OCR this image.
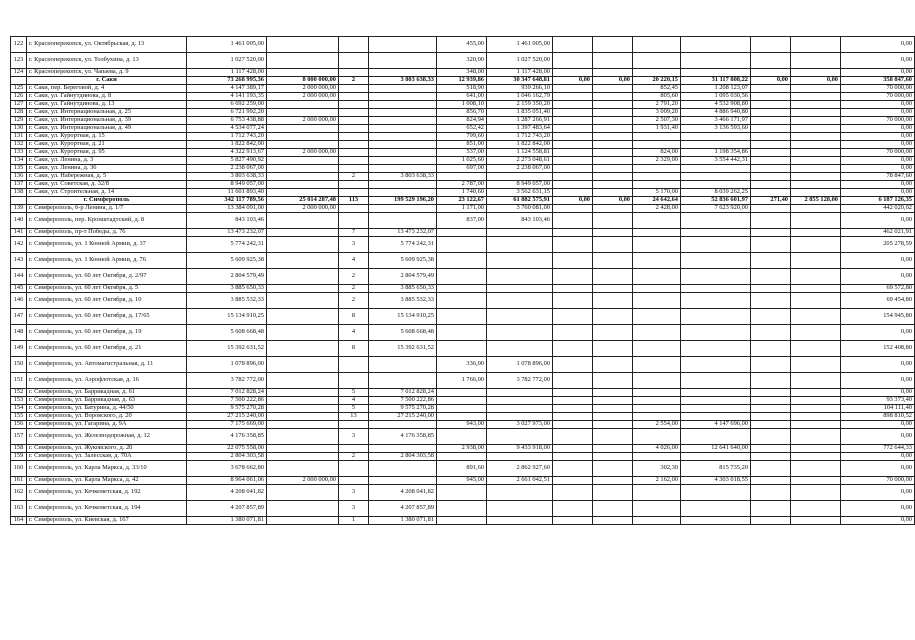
122	г. Красноперекопск, ул. Октябрьская, д. 13	1 461 005,00				455,00	1 461 005,00							0,00
123	г. Красноперекопск, ул. Толбухина, д. 13	1 027 520,00				320,00	1 027 520,00							0,00
124	г. Красноперекопск, ул. Чапаева, д. 9	1 117 428,00				348,00	1 117 428,00							0,00
	г. Саки	73 268 995,36	8 000 000,00	2	3 803 638,33	12 939,86	30 347 648,81	0,00	0,00	20 220,15	31 117 808,22	0,00	0,00	358 847,60
125	г. Саки, пер. Береговой, д. 4	4 147 389,17	2 000 000,00			518,90	939 266,10			852,45	1 208 123,07			70 000,00
126	г. Саки, ул. Гайнутдинова, д. 8	4 141 193,35	2 000 000,00			641,00	1 046 162,79			805,60	1 095 030,56			70 000,00
127	г. Саки, ул. Гайнутдинова, д. 13	6 692 259,00				1 008,10	2 159 350,20			2 791,20	4 532 908,80			0,00
128	г. Саки, ул. Интернациональная, д. 25	6 721 992,20				856,70	1 835 051,40			3 009,20	4 886 940,80			0,00
129	г. Саки, ул. Интернациональная, д. 39	6 753 438,88	2 000 000,00			824,94	1 287 266,91			2 507,30	3 466 171,97			70 000,00
130	г. Саки, ул. Интернациональная, д. 49	4 534 077,24				652,42	1 397 483,64			1 931,40	3 136 593,60			0,00
131	г. Саки, ул. Курортная, д. 15	1 712 743,20				799,60	1 712 743,20							0,00
132	г. Саки, ул. Курортная, д. 21	1 822 842,00				851,00	1 822 842,00							0,00
133	г. Саки, ул. Курортная, д. 95	4 322 913,67	2 000 000,00			537,00	1 124 558,81			824,00	1 198 354,86			70 000,00
134	г. Саки, ул. Ленина, д. 3	5 827 490,92				1 025,60	2 273 048,61			2 329,00	3 554 442,31			0,00
135	г. Саки, ул. Ленина, д. 36	2 238 067,00				697,00	2 238 067,00							0,00
136	г. Саки, ул. Набережная, д. 5	3 803 638,33		2	3 803 638,33									78 847,60
137	г. Саки, ул. Советская, д. 32/8	8 949 057,00				2 787,00	8 949 057,00							0,00
138	г. Саки, ул. Строительная, д. 14	11 601 893,40				1 740,60	3 562 631,15			5 170,00	8 039 262,25			0,00
	г. Симферополь	342 117 789,56	25 014 287,48	113	199 529 196,20	23 122,67	61 882 575,91	0,00	0,00	24 642,64	52 836 601,97	271,40	2 855 128,00	6 187 126,35
139	г. Симферополь, б-р Ленина, д. 1/7	13 384 091,00	2 000 000,00			1 171,00	3 760 081,00			2 428,00	7 623 920,00			442 020,02
140	г. Симферополь, пер. Кронштадтский, д. 8	843 103,46				837,00	843 103,46							0,00
141	г. Симферополь, пр-т Победы, д. 76	13 473 232,07		7	13 473 232,07									462 021,91
142	г. Симферополь, ул. 1 Конной Армии, д. 37	5 774 242,31		3	5 774 242,31									205 278,59
143	г. Симферополь, ул. 1 Конной Армии, д. 76	5 609 925,38		4	5 609 925,38									0,00
144	г. Симферополь, ул. 60 лет Октября, д. 2/97	2 804 579,49		2	2 804 579,49									0,00
145	г. Симферополь, ул. 60 лет Октября, д. 5	3 885 650,33		2	3 885 650,33									69 572,80
146	г. Симферополь, ул. 60 лет Октября, д. 10	3 885 532,33		2	3 885 532,33									69 454,80
147	г. Симферополь, ул. 60 лет Октября, д. 17/65	15 134 910,25		8	15 134 910,25									154 945,80
148	г. Симферополь, ул. 60 лет Октября, д. 19	5 608 668,48		4	5 608 668,48									0,00
149	г. Симферополь, ул. 60 лет Октября, д. 21	15 392 631,52		8	15 392 631,52									152 408,80
150	г. Симферополь, ул. Автомагистральная, д. 11	1 078 896,00				336,00	1 078 896,00							0,00
151	г. Симферополь, ул. Аэрофлотская, д. 16	3 782 772,00				1 766,00	3 782 772,00							0,00
152	г. Симферополь, ул. Баррикадная, д. 61	7 012 828,24		5	7 012 828,24									0,00
153	г. Симферополь, ул. Баррикадная, д. 63	7 500 222,86		4	7 500 222,86									93 373,40
154	г. Симферополь, ул. Батурина, д. 44/50	9 575 270,28		5	9 575 270,28									104 111,40
155	г. Симферополь, ул. Воровского, д. 20	27 215 240,00		13	27 215 240,00									898 810,52
156	г. Симферополь, ул. Гагарина, д. 9А	7 175 669,00				943,00	3 027 973,00			2 554,00	4 147 696,00			0,00
157	г. Симферополь, ул. Железнодорожная, д. 12	4 176 358,85		3	4 176 358,85									0,00
158	г. Симферополь, ул. Жуковского, д. 20	22 075 558,00				2 938,00	9 433 918,00			4 026,00	12 641 640,00			772 644,33
159	г. Симферополь, ул. Залесская, д. 70А	2 804 303,58		2	2 804 303,58									0,00
160	г. Симферополь, ул. Карла Маркса, д. 33/10	3 678 662,80				891,60	2 862 927,60			302,30	815 735,20			0,00
161	г. Симферополь, ул. Карла Маркса, д. 42	8 964 061,06	2 000 000,00			945,00	2 661 042,51			2 162,00	4 303 018,55			70 000,00
162	г. Симферополь, ул. Кечкеметская, д. 192	4 208 041,82		3	4 208 041,82									0,00
163	г. Симферополь, ул. Кечкеметская, д. 194	4 207 857,89		3	4 207 857,89									0,00
164	г. Симферополь, ул. Киевская, д. 167	1 380 071,81		1	1 380 071,81									0,00
